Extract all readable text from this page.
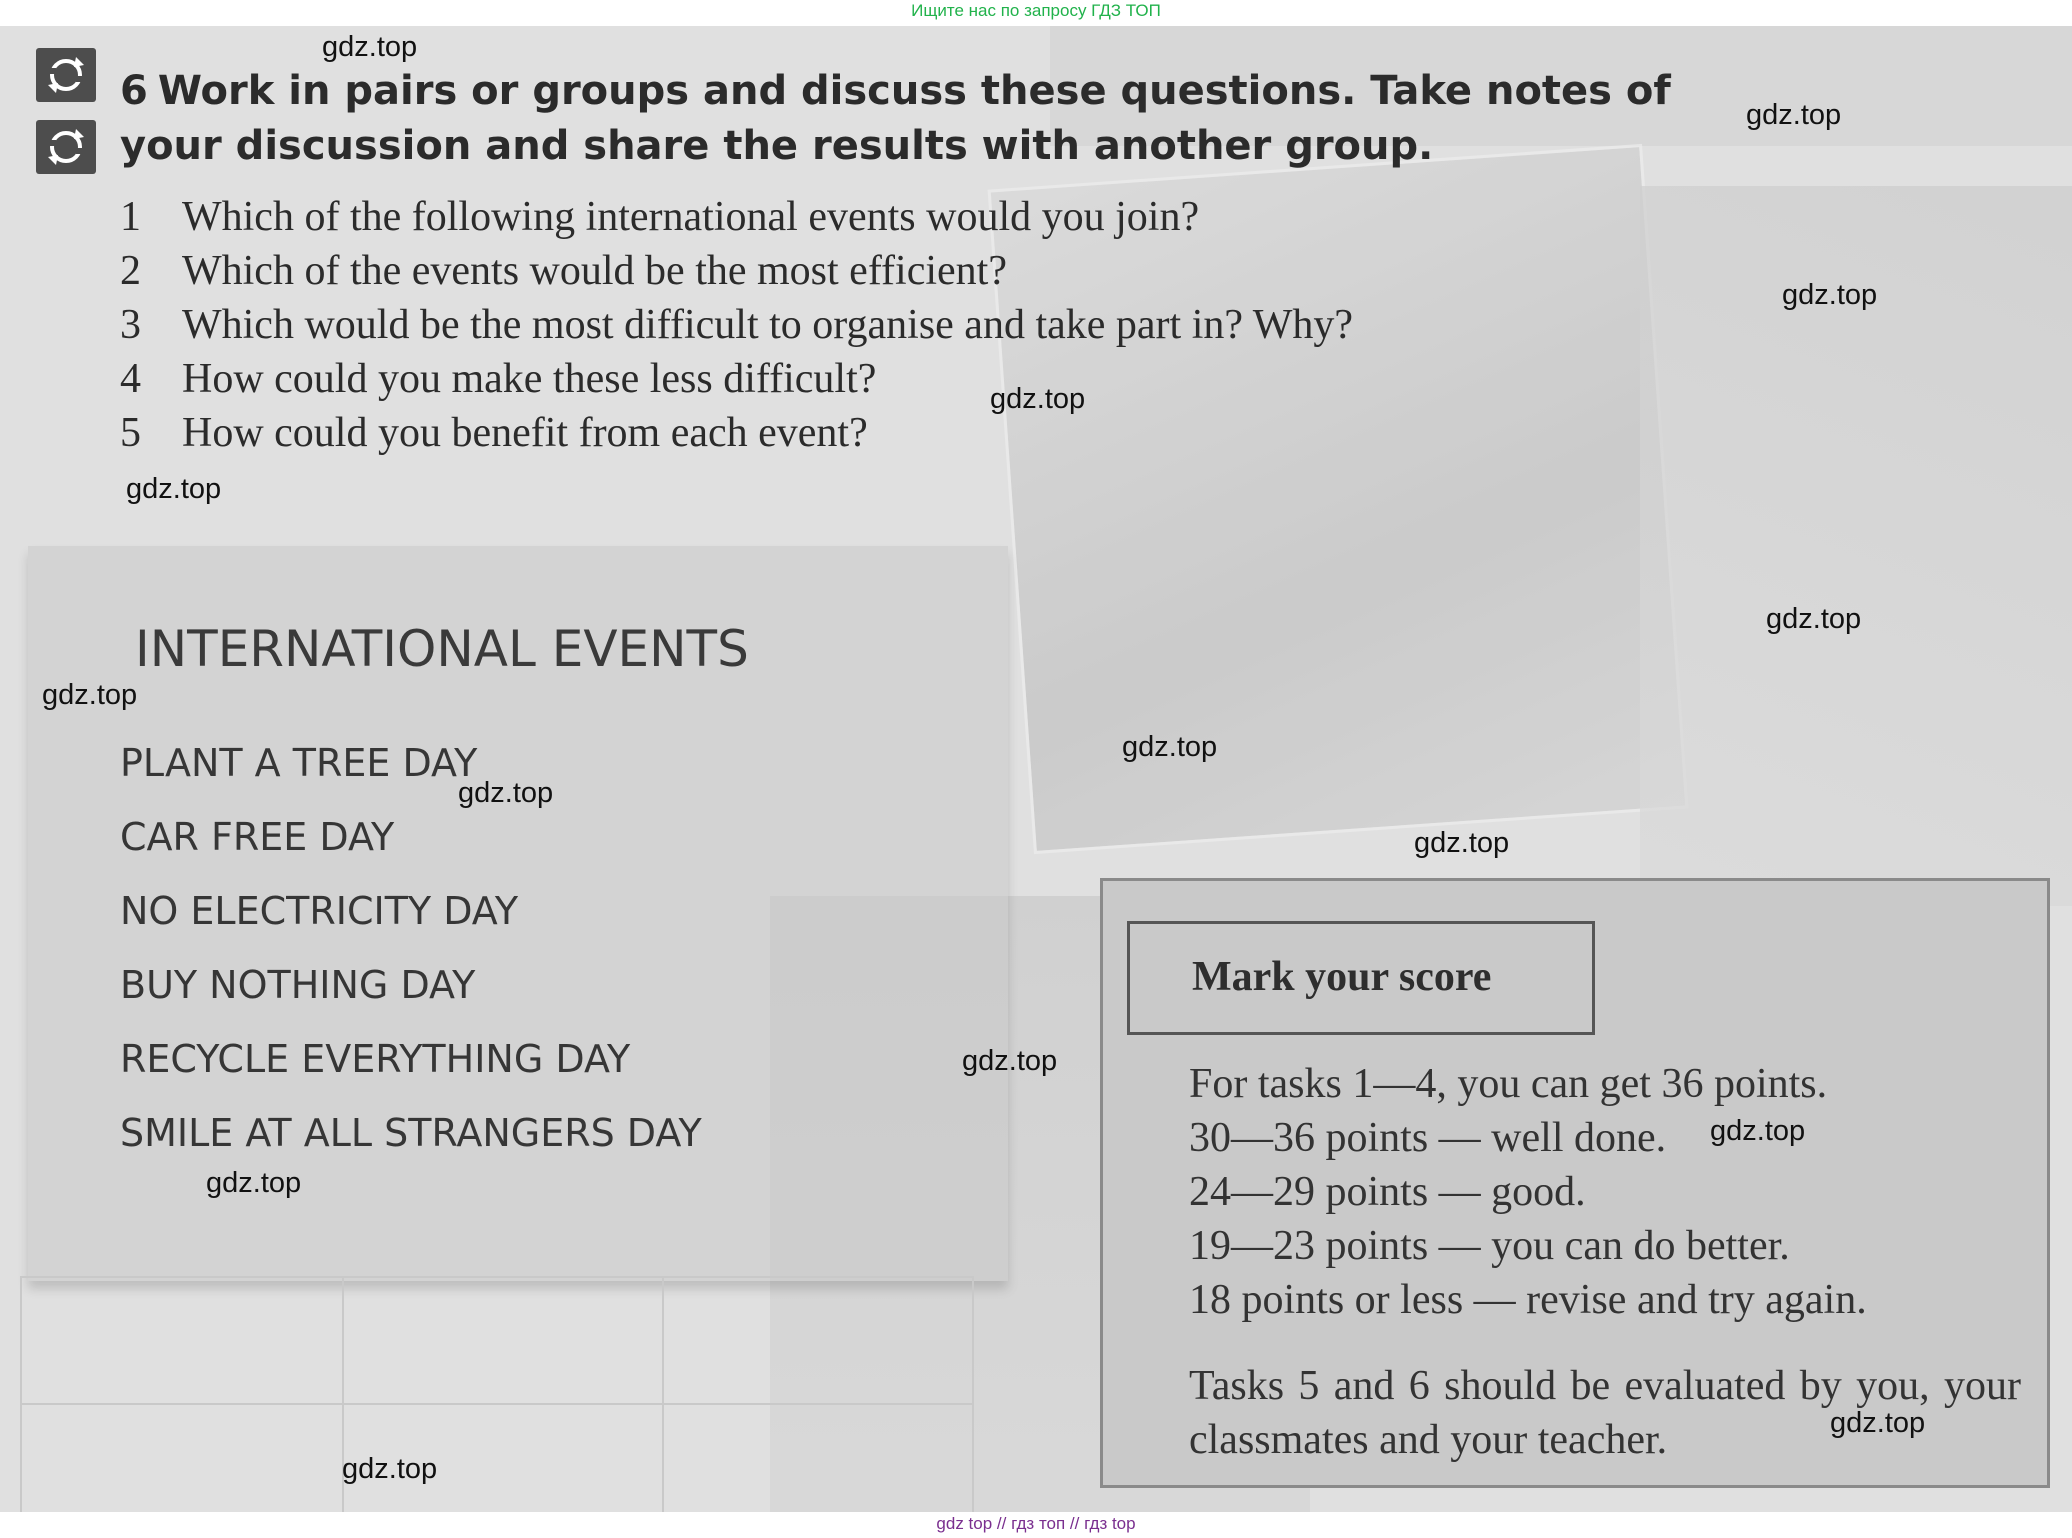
Ищите нас по запросу ГДЗ ТОП
6 Work in pairs or groups and discuss these questions. Take notes of your discussion and share the results with another group.
1 Which of the following international events would you join?
2 Which of the events would be the most efficient?
3 Which would be the most difficult to organise and take part in? Why?
4 How could you make these less difficult?
5 How could you benefit from each event?
INTERNATIONAL EVENTS
PLANT A TREE DAY
CAR FREE DAY
NO ELECTRICITY DAY
BUY NOTHING DAY
RECYCLE EVERYTHING DAY
SMILE AT ALL STRANGERS DAY
Mark your score
For tasks 1—4, you can get 36 points.
30—36 points — well done.
24—29 points — good.
19—23 points — you can do better.
18 points or less — revise and try again.

Tasks 5 and 6 should be evaluated by you, your classmates and your teacher.

gdz.top
gdz.top
gdz.top
gdz.top
gdz.top
gdz.top
gdz.top
gdz.top
gdz.top
gdz.top
gdz.top
gdz.top
gdz.top
gdz.top
gdz.top
gdz top // гдз топ // гдз top
